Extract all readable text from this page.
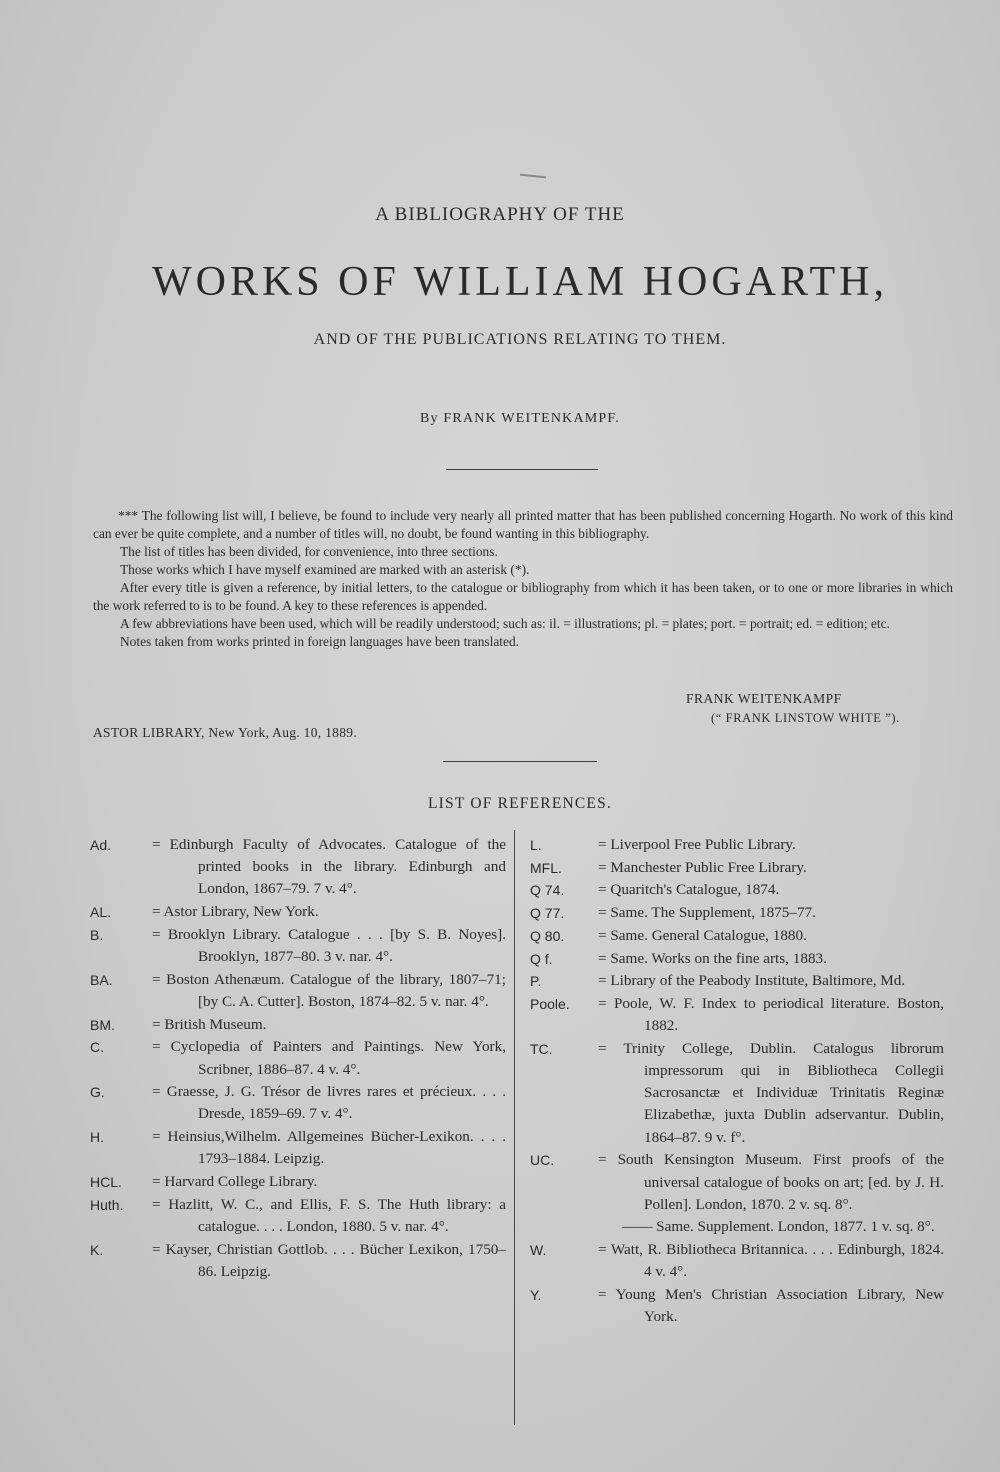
A BIBLIOGRAPHY OF THE
WORKS OF WILLIAM HOGARTH,
AND OF THE PUBLICATIONS RELATING TO THEM.
By FRANK WEITENKAMPF.

*** The following list will, I believe, be found to include very nearly all printed matter that has been published concerning Hogarth. No work of this kind can ever be quite complete, and a number of titles will, no doubt, be found wanting in this bibliography.

The list of titles has been divided, for convenience, into three sections.

Those works which I have myself examined are marked with an asterisk (*).

After every title is given a reference, by initial letters, to the catalogue or bibliography from which it has been taken, or to one or more libraries in which the work referred to is to be found. A key to these references is appended.

A few abbreviations have been used, which will be readily understood; such as: il. = illustrations; pl. = plates; port. = portrait; ed. = edition; etc.

Notes taken from works printed in foreign languages have been translated.

FRANK WEITENKAMPF
(“ FRANK LINSTOW WHITE ”).
ASTOR LIBRARY, New York, Aug. 10, 1889.
LIST OF REFERENCES.
Ad.	= Edinburgh Faculty of Advocates. Catalogue of the printed books in the library. Edinburgh and London, 1867–79. 7 v. 4°.
AL.	= Astor Library, New York.
B.	= Brooklyn Library. Catalogue . . . [by S. B. Noyes]. Brooklyn, 1877–80. 3 v. nar. 4°.
BA.	= Boston Athenæum. Catalogue of the library, 1807–71; [by C. A. Cutter]. Boston, 1874–82. 5 v. nar. 4°.
BM. = British Museum.
C.	= Cyclopedia of Painters and Paintings. New York, Scribner, 1886–87. 4 v. 4°.
G.	= Graesse, J. G. Trésor de livres rares et précieux. . . . Dresde, 1859–69. 7 v. 4°.
H.	= Heinsius,Wilhelm. Allgemeines Bücher-Lexikon. . . . 1793–1884. Leipzig.
HCL. = Harvard College Library.
Huth. = Hazlitt, W. C., and Ellis, F. S. The Huth library: a catalogue. . . . London, 1880. 5 v. nar. 4°.
K.	= Kayser, Christian Gottlob. . . . Bücher Lexikon, 1750–86. Leipzig.
L.	= Liverpool Free Public Library.
MFL. = Manchester Public Free Library.
Q 74. = Quaritch's Catalogue, 1874.
Q 77. = Same. The Supplement, 1875–77.
Q 80. = Same. General Catalogue, 1880.
Q f.	= Same. Works on the fine arts, 1883.
P.	= Library of the Peabody Institute, Baltimore, Md.
Poole. = Poole, W. F. Index to periodical literature. Boston, 1882.
TC.	= Trinity College, Dublin. Catalogus librorum impressorum qui in Bibliotheca Collegii Sacrosanctæ et Individuæ Trinitatis Reginæ Elizabethæ, juxta Dublin adservantur. Dublin, 1864–87. 9 v. f°.
UC.	= South Kensington Museum. First proofs of the universal catalogue of books on art; [ed. by J. H. Pollen]. London, 1870. 2 v. sq. 8°.
—— Same. Supplement. London, 1877. 1 v. sq. 8°.
W.	= Watt, R. Bibliotheca Britannica. . . . Edinburgh, 1824. 4 v. 4°.
Y.	= Young Men's Christian Association Library, New York.
